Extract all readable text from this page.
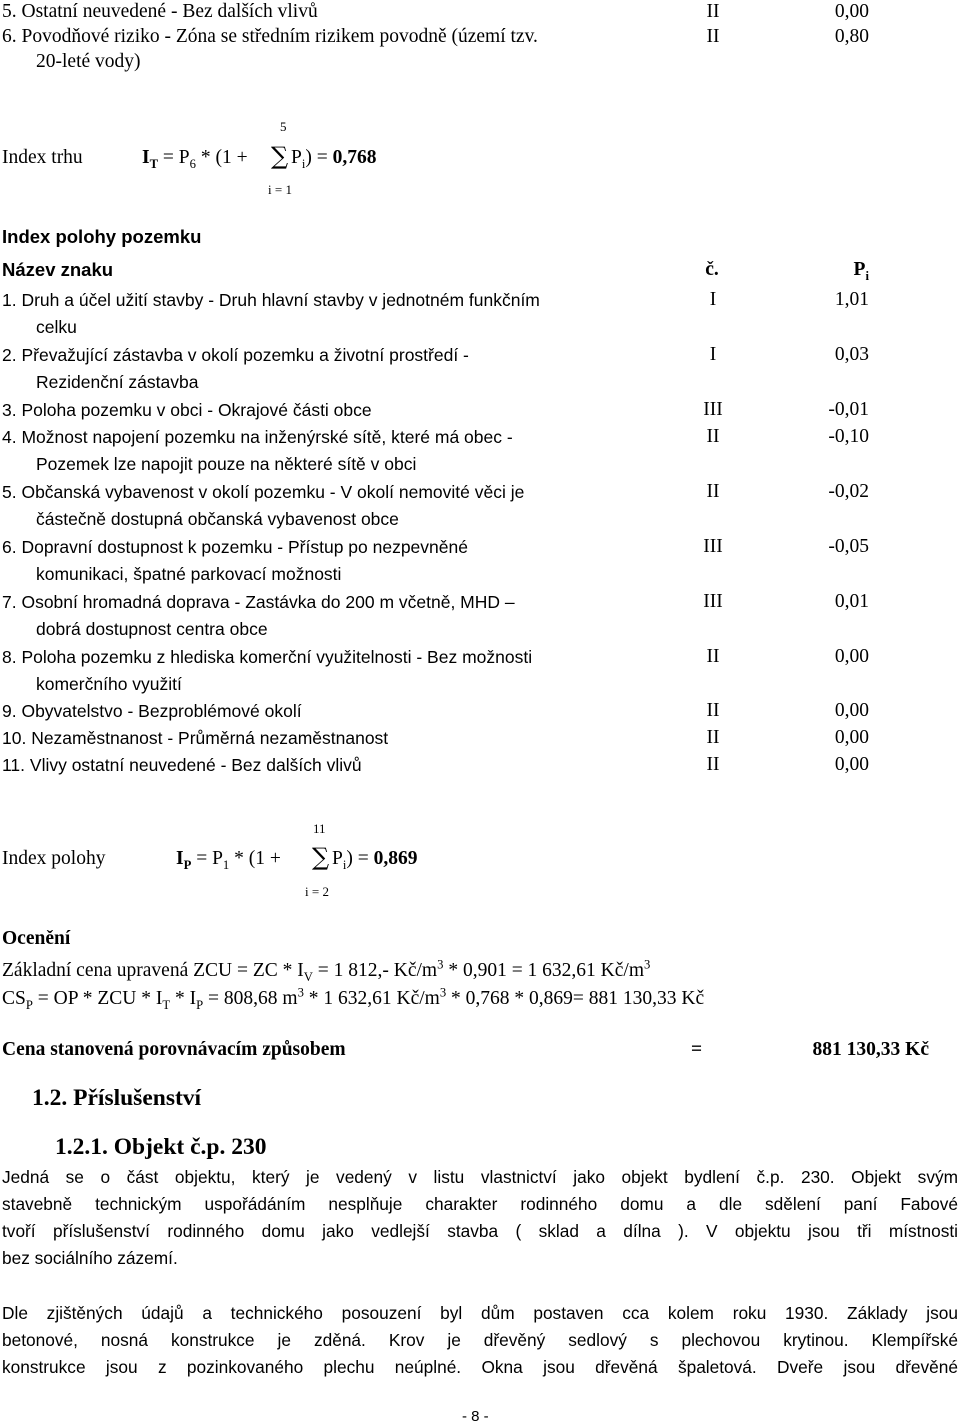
5. Ostatní neuvedené - Bez dalších vlivů	II	0,00
6. Povodňové riziko - Zóna se středním rizikem povodně (území tzv.
20-leté vody)
II	0,80
5
Index trhu	$I_T = P_6 * (1$ + ∑ $P_i) = 0,768$
i = 1
Index polohy pozemku
Název znaku	č.	$P_i$
1. Druh a účel užití stavby - Druh hlavní stavby v jednotném funkčním
celku
I	1,01
2. Převažující zástavba v okolí pozemku a životní prostředí -
Rezidenční zástavba
I	0,03
3. Poloha pozemku v obci - Okrajové části obce	III	-0,01
4. Možnost napojení pozemku na inženýrské sítě, které má obec -
Pozemek lze napojit pouze na některé sítě v obci
II	-0,10
5. Občanská vybavenost v okolí pozemku - V okolí nemovité věci je
částečně dostupná občanská vybavenost obce
II	-0,02
6. Dopravní dostupnost k pozemku - Přístup po nezpevněné
komunikaci, špatné parkovací možnosti
III	-0,05
7. Osobní hromadná doprava - Zastávka do 200 m včetně, MHD –
dobrá dostupnost centra obce
III	0,01
8. Poloha pozemku z hlediska komerční využitelnosti - Bez možnosti
komerčního využití
II	0,00
9. Obyvatelstvo - Bezproblémové okolí	II	0,00
10. Nezaměstnanost - Průměrná nezaměstnanost	II	0,00
11. Vlivy ostatní neuvedené - Bez dalších vlivů	II	0,00
11
Index polohy	$I_P = P_1 * (1$ + ∑ $P_i) = 0,869$
i = 2
Ocenění
Základní cena upravená ZCU = ZC * $I_V = 1$ 812,- $Kč/m^3 * 0,901 = 1$ 632,61 $Kč/m^3$
$CS_P$ = OP * ZCU * $I_T * I_P = 808,68$ $m^3 * 1$ 632,61 $Kč/m^3 * 0,768 * 0,869= 881$ 130,33 Kč
Cena stanovená porovnávacím způsobem	=	881 130,33 Kč
1.2. Příslušenství
1.2.1. Objekt č.p. 230
Jedná se o část objektu, který je vedený v listu vlastnictví jako objekt bydlení č.p. 230. Objekt svým
stavebně technickým uspořádáním nesplňuje charakter rodinného domu a dle sdělení paní Fabové
tvoří příslušenství rodinného domu jako vedlejší stavba ( sklad a dílna ). V objektu jsou tři místnosti
bez sociálního zázemí.
Dle zjištěných údajů a technického posouzení byl dům postaven cca kolem roku 1930. Základy jsou
betonové, nosná konstrukce je zděná. Krov je dřevěný sedlový s plechovou krytinou. Klempířské
konstrukce jsou z pozinkovaného plechu neúplné. Okna jsou dřevěná špaletová. Dveře jsou dřevěné
- 8 -
